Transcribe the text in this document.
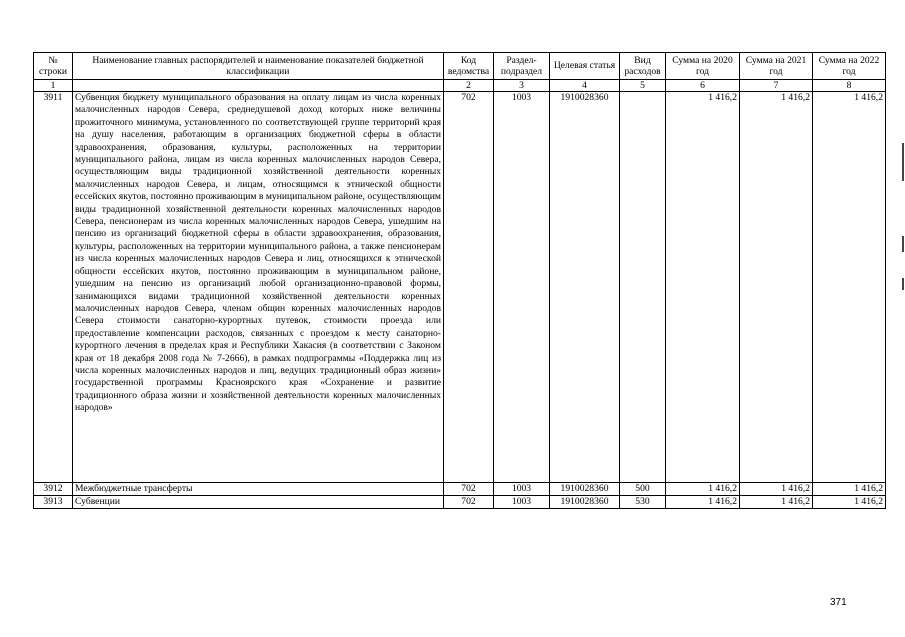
№ строки	Наименование главных распорядителей и наименование показателей бюджетной классификации	Код ведомства	Раздел-подраздел	Целевая статья	Вид расходов	Сумма на 2020 год	Сумма на 2021 год	Сумма на 2022 год
1		2	3	4	5	6	7	8
3911	Субвенция бюджету муниципального образования на оплату лицам из числа коренных малочисленных народов Севера, среднедушевой доход которых ниже величины прожиточного минимума, установленного по соответствующей группе территорий края на душу населения, работающим в организациях бюджетной сферы в области здравоохранения, образования, культуры, расположенных на территории муниципального района, лицам из числа коренных малочисленных народов Севера, осуществляющим виды традиционной хозяйственной деятельности коренных малочисленных народов Севера, и лицам, относящимся к этнической общности ессейских якутов, постоянно проживающим в муниципальном районе, осуществляющим виды традиционной хозяйственной деятельности коренных малочисленных народов Севера, пенсионерам из числа коренных малочисленных народов Севера, ушедшим на пенсию из организаций бюджетной сферы в области здравоохранения, образования, культуры, расположенных на территории муниципального района, а также пенсионерам из числа коренных малочисленных народов Севера и лиц, относящихся к этнической общности ессейских якутов, постоянно проживающим в муниципальном районе, ушедшим на пенсию из организаций любой организационно-правовой формы, занимающихся видами традиционной хозяйственной деятельности коренных малочисленных народов Севера, членам общин коренных малочисленных народов Севера стоимости санаторно-курортных путевок, стоимости проезда или предоставление компенсации расходов, связанных с проездом к месту санаторно-курортного лечения в пределах края и Республики Хакасия (в соответствии с Законом края от 18 декабря 2008 года № 7-2666), в рамках подпрограммы «Поддержка лиц из числа коренных малочисленных народов и лиц, ведущих традиционный образ жизни» государственной программы Красноярского края «Сохранение и развитие традиционного образа жизни и хозяйственной деятельности коренных малочисленных народов»	702	1003	1910028360		1 416,2	1 416,2	1 416,2
3912	Межбюджетные трансферты	702	1003	1910028360	500	1 416,2	1 416,2	1 416,2
3913	Субвенции	702	1003	1910028360	530	1 416,2	1 416,2	1 416,2
371
